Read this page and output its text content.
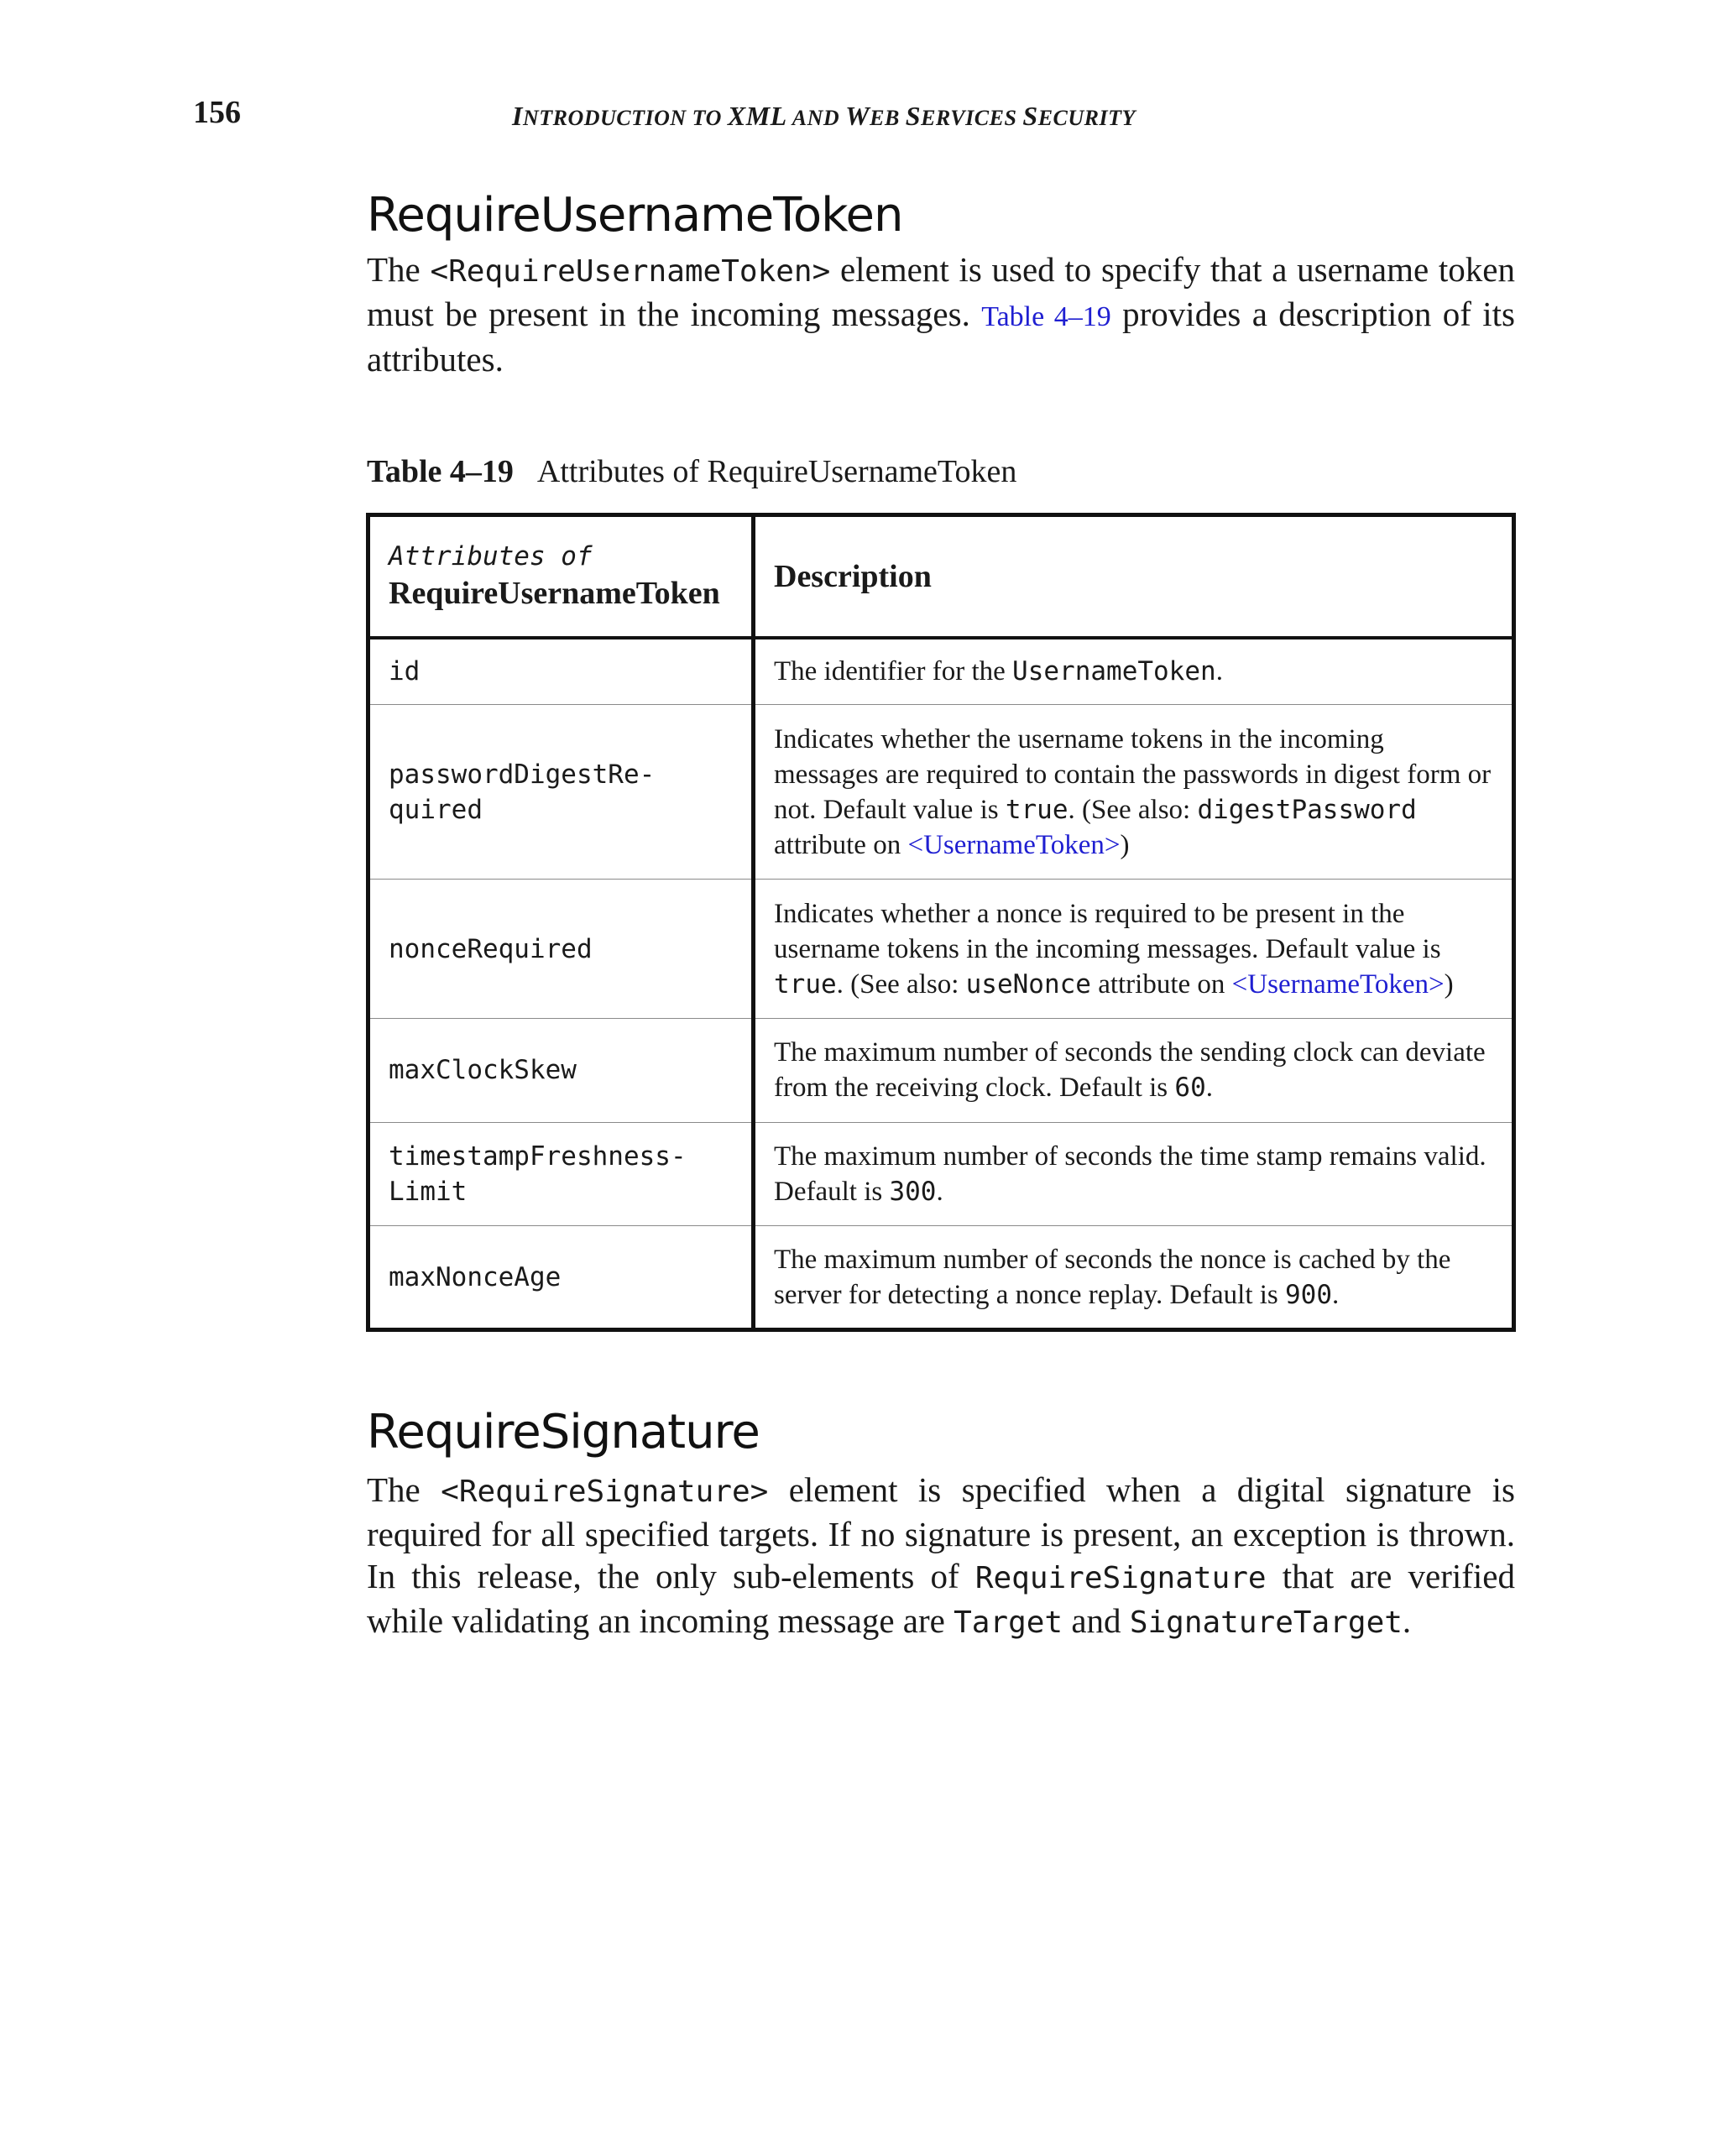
156	INTRODUCTION TO XML AND WEB SERVICES SECURITY
RequireUsernameToken

The <RequireUsernameToken> element is used to specify that a username token must be present in the incoming messages. Table 4–19 provides a description of its attributes.

Table 4–19 Attributes of RequireUsernameToken
Attributes of
RequireUsernameToken	Description

id	The identifier for the UsernameToken.
passwordDigestRe-
quired	Indicates whether the username tokens in the incoming messages are required to contain the passwords in digest form or not. Default value is true. (See also: digestPassword attribute on <UsernameToken>)
nonceRequired	Indicates whether a nonce is required to be present in the username tokens in the incoming messages. Default value is true. (See also: useNonce attribute on <UsernameToken>)
maxClockSkew	The maximum number of seconds the sending clock can deviate from the receiving clock. Default is 60.
timestampFreshness-
Limit	The maximum number of seconds the time stamp remains valid. Default is 300.
maxNonceAge	The maximum number of seconds the nonce is cached by the server for detecting a nonce replay. Default is 900.
RequireSignature

The <RequireSignature> element is specified when a digital signature is required for all specified targets. If no signature is present, an exception is thrown. In this release, the only sub-elements of RequireSignature that are verified while validating an incoming message are Target and SignatureTarget.
